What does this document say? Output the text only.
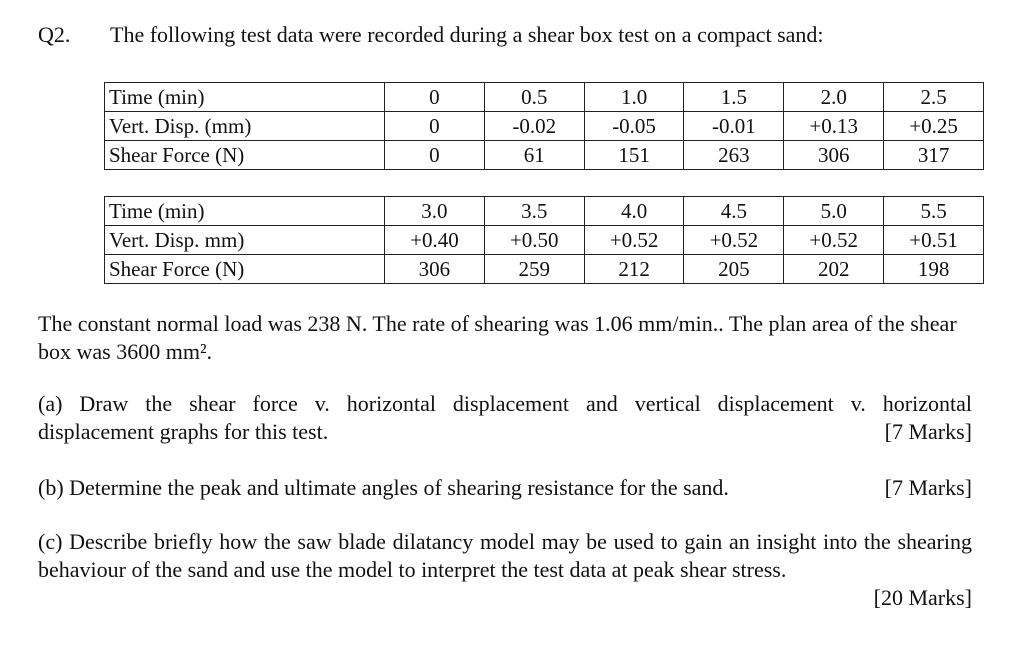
Q2. The following test data were recorded during a shear box test on a compact sand:
Time (min)	0	0.5	1.0	1.5	2.0	2.5
Vert. Disp. (mm)	0	-0.02	-0.05	-0.01	+0.13	+0.25
Shear Force (N)	0	61	151	263	306	317
Time (min)	3.0	3.5	4.0	4.5	5.0	5.5
Vert. Disp. mm)	+0.40	+0.50	+0.52	+0.52	+0.52	+0.51
Shear Force (N)	306	259	212	205	202	198
The constant normal load was 238 N. The rate of shearing was 1.06 mm/min.. The plan area of the shear box was 3600 mm².
(a) Draw the shear force v. horizontal displacement and vertical displacement v. horizontal
displacement graphs for this test.	[7 Marks]
(b) Determine the peak and ultimate angles of shearing resistance for the sand.	[7 Marks]
(c) Describe briefly how the saw blade dilatancy model may be used to gain an insight into the shearing behaviour of the sand and use the model to interpret the test data at peak shear stress.
[20 Marks]
